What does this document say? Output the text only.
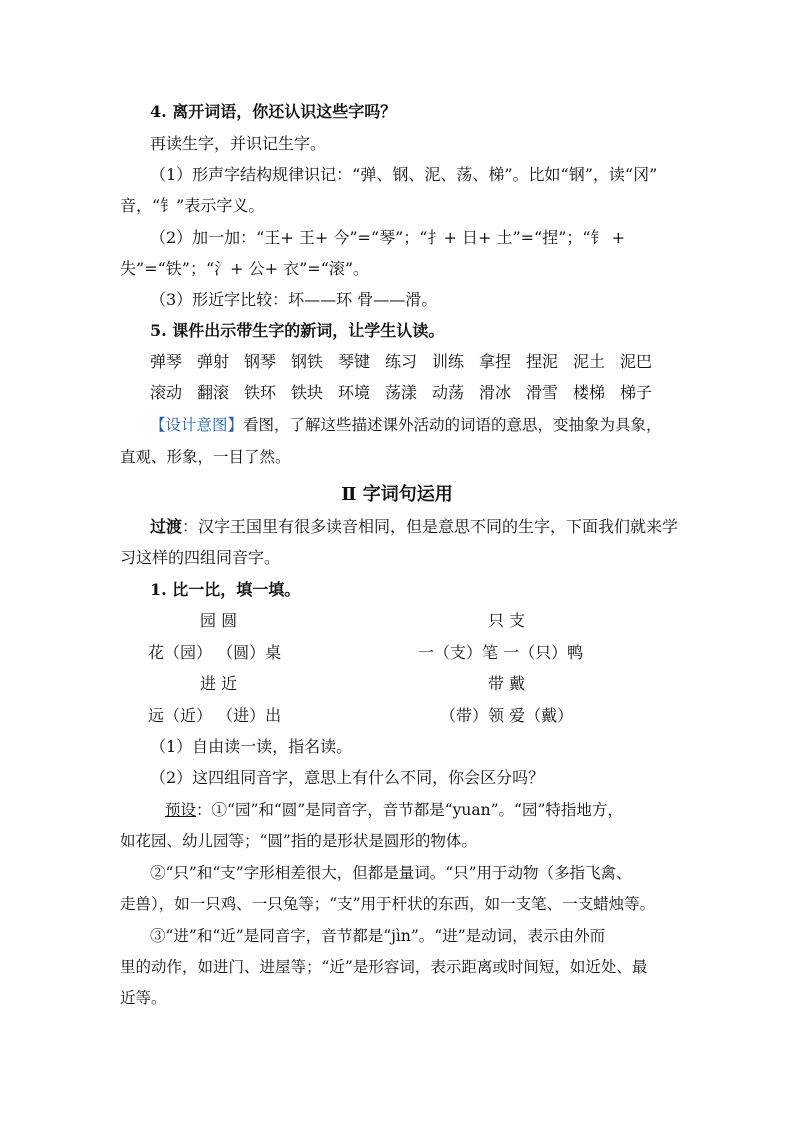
4. 离开词语，你还认识这些字吗？
再读生字，并识记生字。
（1）形声字结构规律识记：“弹、钢、泥、荡、梯”。比如“钢”，读“冈”
音，“钅”表示字义。
（2）加一加：“王+ 王+ 今”=“琴”；“扌+ 日+ 土”=“捏”；“钅 +
失”=“铁”；“氵+ 公+ 衣”=“滚”。
（3）形近字比较：坏——环 骨——滑。
5. 课件出示带生字的新词，让学生认读。
弹琴 弹射 钢琴 钢铁 琴键 练习 训练 拿捏 捏泥 泥土 泥巴
滚动 翻滚 铁环 铁块 环境 荡漾 动荡 滑冰 滑雪 楼梯 梯子
【设计意图】看图，了解这些描述课外活动的词语的意思，变抽象为具象，
直观、形象，一目了然。
Ⅱ 字词句运用
过渡：汉字王国里有很多读音相同，但是意思不同的生字，下面我们就来学
习这样的四组同音字。
1. 比一比，填一填。
园 圆	只 支
花（园） （圆）桌	一（支）笔 一（只）鸭
进 近	带 戴
远（近） （进）出	（带）领 爱（戴）
（1）自由读一读，指名读。
（2）这四组同音字，意思上有什么不同，你会区分吗？
预设：①“园”和“圆”是同音字，音节都是“yuan”。“园”特指地方，
如花园、幼儿园等；“圆”指的是形状是圆形的物体。
②“只”和“支”字形相差很大，但都是量词。“只”用于动物（多指飞禽、
走兽），如一只鸡、一只兔等；“支”用于杆状的东西，如一支笔、一支蜡烛等。
③“进”和“近”是同音字，音节都是“jìn”。“进”是动词，表示由外而
里的动作，如进门、进屋等；“近”是形容词，表示距离或时间短，如近处、最
近等。
